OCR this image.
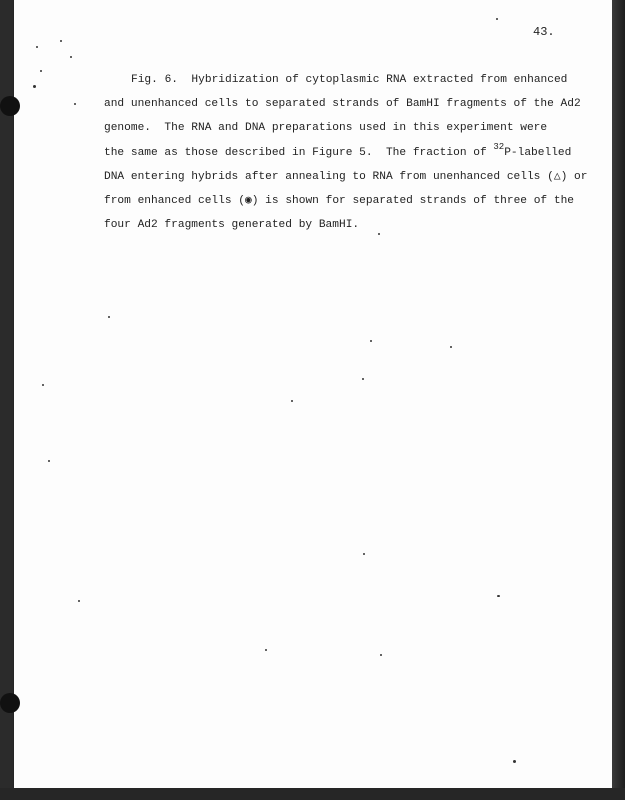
43.
Fig. 6.  Hybridization of cytoplasmic RNA extracted from enhanced
and unenhanced cells to separated strands of BamHI fragments of the Ad2
genome.  The RNA and DNA preparations used in this experiment were
the same as those described in Figure 5.  The fraction of $^{32}$P-labelled
DNA entering hybrids after annealing to RNA from unenhanced cells (△) or
from enhanced cells (◉) is shown for separated strands of three of the
four Ad2 fragments generated by BamHI.
